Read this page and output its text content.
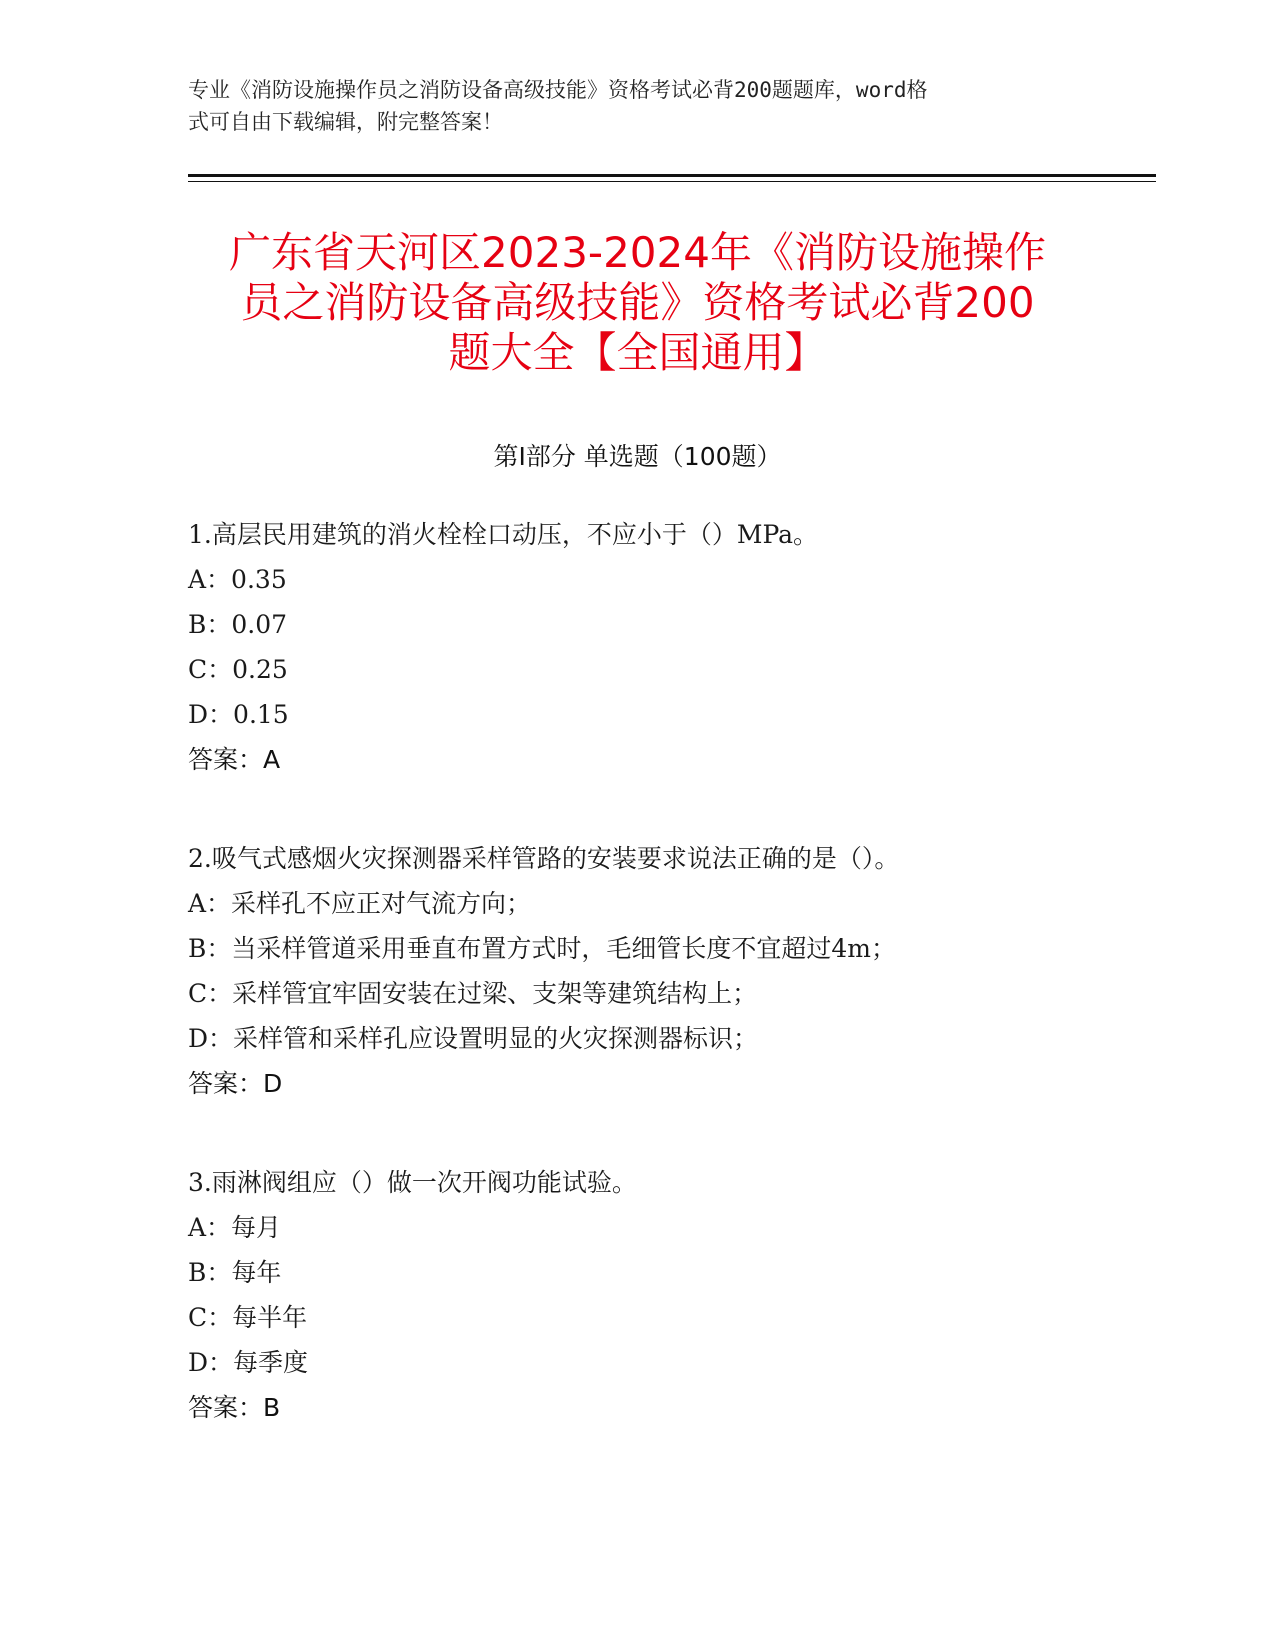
专业《消防设施操作员之消防设备高级技能》资格考试必背200题题库，word格
式可自由下载编辑，附完整答案！
广东省天河区2023-2024年《消防设施操作
员之消防设备高级技能》资格考试必背200
题大全【全国通用】
第I部分 单选题（100题）
1.高层民用建筑的消火栓栓口动压，不应小于（）MPa。
A：0.35
B：0.07
C：0.25
D：0.15
答案：A
2.吸气式感烟火灾探测器采样管路的安装要求说法正确的是（）。
A：采样孔不应正对气流方向；
B：当采样管道采用垂直布置方式时，毛细管长度不宜超过4m；
C：采样管宜牢固安装在过梁、支架等建筑结构上；
D：采样管和采样孔应设置明显的火灾探测器标识；
答案：D
3.雨淋阀组应（）做一次开阀功能试验。
A：每月
B：每年
C：每半年
D：每季度
答案：B
